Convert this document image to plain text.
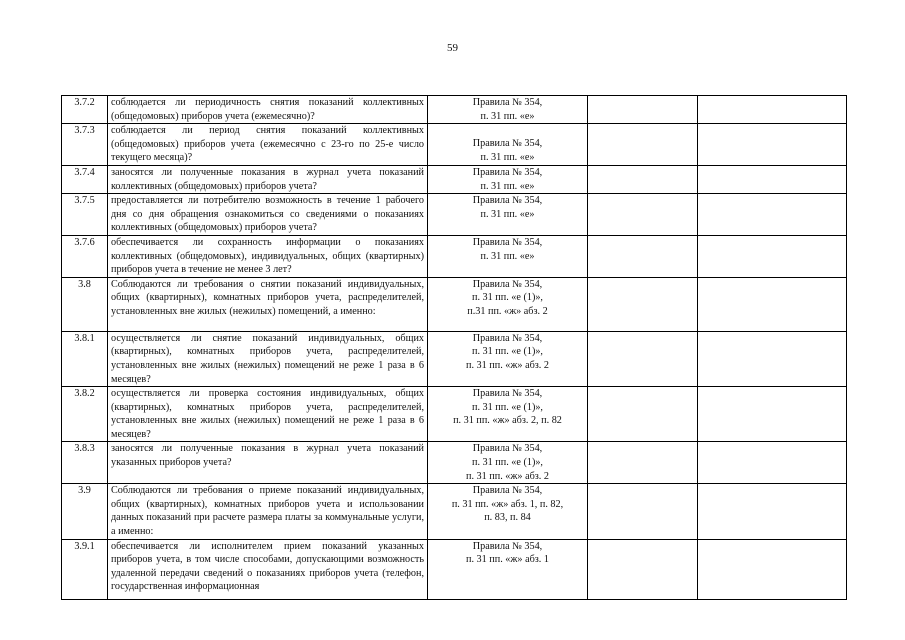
59
3.7.2	соблюдается ли периодичность снятия показаний коллективных (общедомовых) приборов учета (ежемесячно)?	Правила № 354,
п. 31 пп. «е»		

3.7.3	соблюдается ли период снятия показаний коллективных (общедомовых) приборов учета (ежемесячно с 23-го по 25-е число текущего месяца)?	Правила № 354,
п. 31 пп. «е»		

3.7.4	заносятся ли полученные показания в журнал учета показаний коллективных (общедомовых) приборов учета?	Правила № 354,
п. 31 пп. «е»		

3.7.5	предоставляется ли потребителю возможность в течение 1 рабочего дня со дня обращения ознакомиться со сведениями о показаниях коллективных (общедомовых) приборов учета?	Правила № 354,
п. 31 пп. «е»		

3.7.6	обеспечивается ли сохранность информации о показаниях коллективных (общедомовых), индивидуальных, общих (квартирных) приборов учета в течение не менее 3 лет?	Правила № 354,
п. 31 пп. «е»		

3.8	Соблюдаются ли требования о снятии показаний индивидуальных, общих (квартирных), комнатных приборов учета, распределителей, установленных вне жилых (нежилых) помещений, а именно:	Правила № 354,
п. 31 пп. «е (1)»,
п.31 пп. «ж» абз. 2		

3.8.1	осуществляется ли снятие показаний индивидуальных, общих (квартирных), комнатных приборов учета, распределителей, установленных вне жилых (нежилых) помещений не реже 1 раза в 6 месяцев?	Правила № 354,
п. 31 пп. «е (1)»,
п. 31 пп. «ж» абз. 2		

3.8.2	осуществляется ли проверка состояния индивидуальных, общих (квартирных), комнатных приборов учета, распределителей, установленных вне жилых (нежилых) помещений не реже 1 раза в 6 месяцев?	Правила № 354,
п. 31 пп. «е (1)»,
п. 31 пп. «ж» абз. 2, п. 82		

3.8.3	заносятся ли полученные показания в журнал учета показаний указанных приборов учета?	Правила № 354,
п. 31 пп. «е (1)»,
п. 31 пп. «ж» абз. 2		

3.9	Соблюдаются ли требования о приеме показаний индивидуальных, общих (квартирных), комнатных приборов учета и использовании данных показаний при расчете размера платы за коммунальные услуги, а именно:	Правила № 354,
п. 31 пп. «ж» абз. 1, п. 82,
п. 83, п. 84		

3.9.1	обеспечивается ли исполнителем прием показаний указанных приборов учета, в том числе способами, допускающими возможность удаленной передачи сведений о показаниях приборов учета (телефон, государственная информационная	Правила № 354,
п. 31 пп. «ж» абз. 1		
